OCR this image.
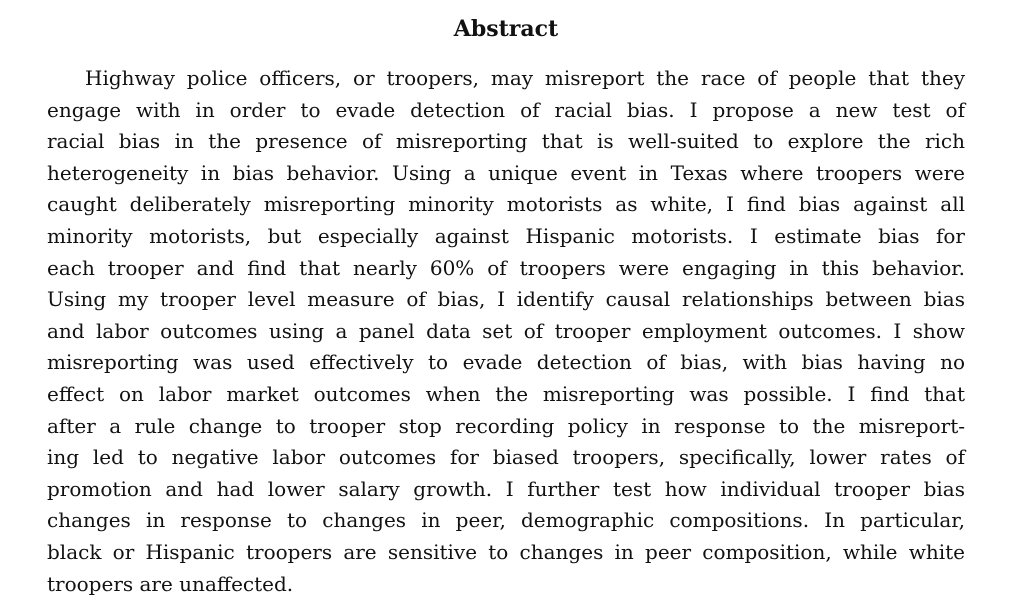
Abstract
Highway police officers, or troopers, may misreport the race of people that they
engage with in order to evade detection of racial bias. I propose a new test of
racial bias in the presence of misreporting that is well-suited to explore the rich
heterogeneity in bias behavior. Using a unique event in Texas where troopers were
caught deliberately misreporting minority motorists as white, I find bias against all
minority motorists, but especially against Hispanic motorists. I estimate bias for
each trooper and find that nearly 60% of troopers were engaging in this behavior.
Using my trooper level measure of bias, I identify causal relationships between bias
and labor outcomes using a panel data set of trooper employment outcomes. I show
misreporting was used effectively to evade detection of bias, with bias having no
effect on labor market outcomes when the misreporting was possible. I find that
after a rule change to trooper stop recording policy in response to the misreport-
ing led to negative labor outcomes for biased troopers, specifically, lower rates of
promotion and had lower salary growth. I further test how individual trooper bias
changes in response to changes in peer, demographic compositions. In particular,
black or Hispanic troopers are sensitive to changes in peer composition, while white
troopers are unaffected.
